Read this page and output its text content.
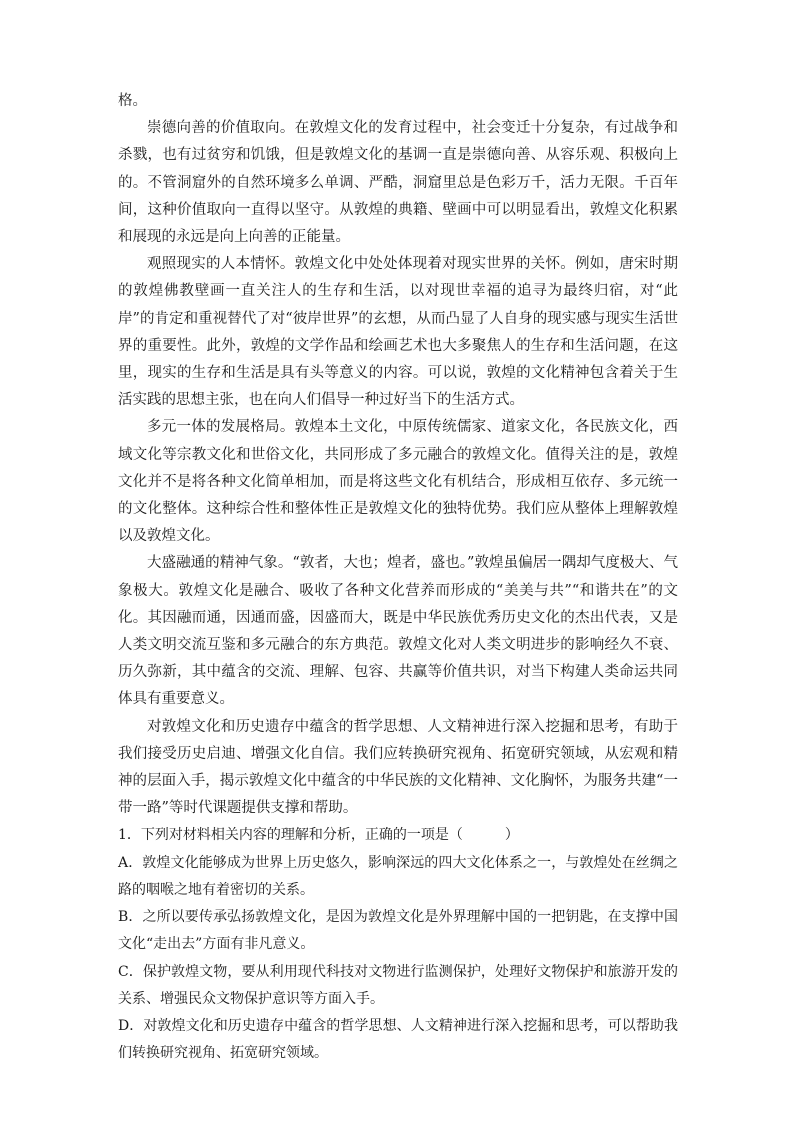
格。

崇德向善的价值取向。在敦煌文化的发育过程中，社会变迁十分复杂，有过战争和杀戮，也有过贫穷和饥饿，但是敦煌文化的基调一直是崇德向善、从容乐观、积极向上的。不管洞窟外的自然环境多么单调、严酷，洞窟里总是色彩万千，活力无限。千百年间，这种价值取向一直得以坚守。从敦煌的典籍、壁画中可以明显看出，敦煌文化积累和展现的永远是向上向善的正能量。

观照现实的人本情怀。敦煌文化中处处体现着对现实世界的关怀。例如，唐宋时期的敦煌佛教壁画一直关注人的生存和生活，以对现世幸福的追寻为最终归宿，对“此岸”的肯定和重视替代了对“彼岸世界”的玄想，从而凸显了人自身的现实感与现实生活世界的重要性。此外，敦煌的文学作品和绘画艺术也大多聚焦人的生存和生活问题，在这里，现实的生存和生活是具有头等意义的内容。可以说，敦煌的文化精神包含着关于生活实践的思想主张，也在向人们倡导一种过好当下的生活方式。

多元一体的发展格局。敦煌本土文化，中原传统儒家、道家文化，各民族文化，西域文化等宗教文化和世俗文化，共同形成了多元融合的敦煌文化。值得关注的是，敦煌文化并不是将各种文化简单相加，而是将这些文化有机结合，形成相互依存、多元统一的文化整体。这种综合性和整体性正是敦煌文化的独特优势。我们应从整体上理解敦煌以及敦煌文化。

大盛融通的精神气象。“敦者，大也；煌者，盛也。”敦煌虽偏居一隅却气度极大、气象极大。敦煌文化是融合、吸收了各种文化营养而形成的“美美与共”“和谐共在”的文化。其因融而通，因通而盛，因盛而大，既是中华民族优秀历史文化的杰出代表，又是人类文明交流互鉴和多元融合的东方典范。敦煌文化对人类文明进步的影响经久不衰、历久弥新，其中蕴含的交流、理解、包容、共赢等价值共识，对当下构建人类命运共同体具有重要意义。

对敦煌文化和历史遗存中蕴含的哲学思想、人文精神进行深入挖掘和思考，有助于我们接受历史启迪、增强文化自信。我们应转换研究视角、拓宽研究领域，从宏观和精神的层面入手，揭示敦煌文化中蕴含的中华民族的文化精神、文化胸怀，为服务共建“一带一路”等时代课题提供支撑和帮助。

1．下列对材料相关内容的理解和分析，正确的一项是（　　　）

A．敦煌文化能够成为世界上历史悠久，影响深远的四大文化体系之一，与敦煌处在丝绸之路的咽喉之地有着密切的关系。

B．之所以要传承弘扬敦煌文化，是因为敦煌文化是外界理解中国的一把钥匙，在支撑中国文化“走出去”方面有非凡意义。

C．保护敦煌文物，要从利用现代科技对文物进行监测保护，处理好文物保护和旅游开发的关系、增强民众文物保护意识等方面入手。

D．对敦煌文化和历史遗存中蕴含的哲学思想、人文精神进行深入挖掘和思考，可以帮助我们转换研究视角、拓宽研究领域。
